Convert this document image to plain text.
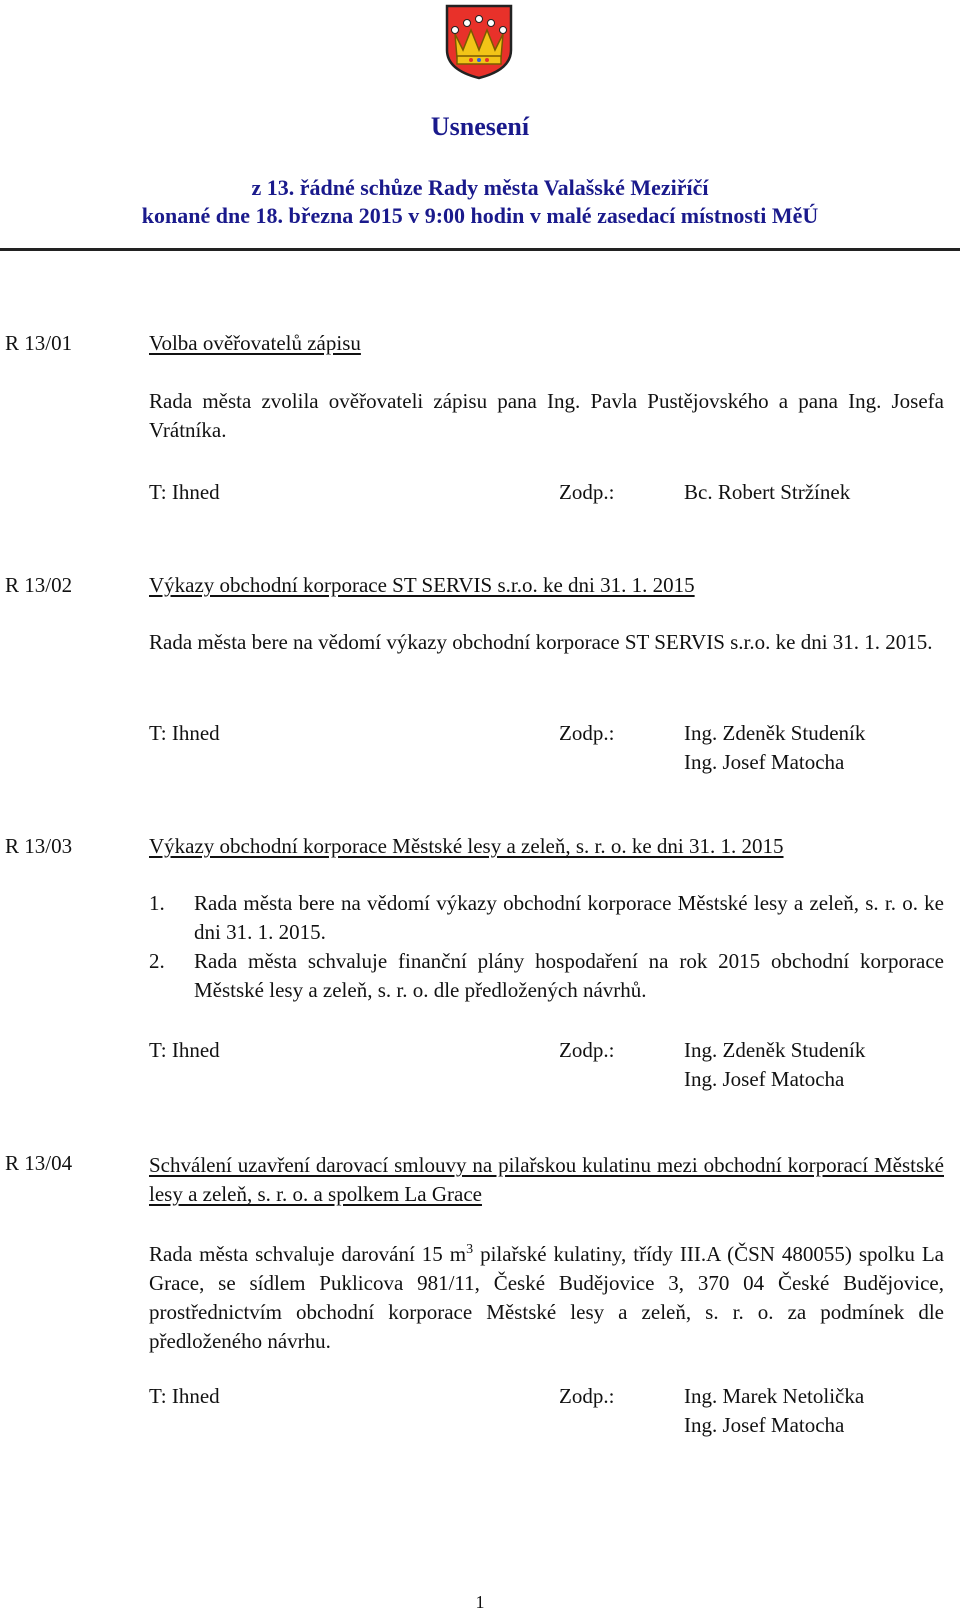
Usnesení
z 13. řádné schůze Rady města Valašské Meziříčí
konané dne 18. března 2015 v 9:00 hodin v malé zasedací místnosti MěÚ
R 13/01	Volba ověřovatelů zápisu
Rada města zvolila ověřovateli zápisu pana Ing. Pavla Pustějovského a pana Ing. Josefa Vrátníka.
T: Ihned	Zodp.:	Bc. Robert Stržínek
R 13/02	Výkazy obchodní korporace ST SERVIS s.r.o. ke dni 31. 1. 2015
Rada města bere na vědomí výkazy obchodní korporace ST SERVIS s.r.o. ke dni 31. 1. 2015.
T: Ihned	Zodp.:	Ing. Zdeněk Studeník
Ing. Josef Matocha
R 13/03	Výkazy obchodní korporace Městské lesy a zeleň, s. r. o. ke dni 31. 1. 2015
1.	Rada města bere na vědomí výkazy obchodní korporace Městské lesy a zeleň, s. r. o. ke dni 31. 1. 2015.
2.	Rada města schvaluje finanční plány hospodaření na rok 2015 obchodní korporace Městské lesy a zeleň, s. r. o. dle předložených návrhů.
T: Ihned	Zodp.:	Ing. Zdeněk Studeník
Ing. Josef Matocha
R 13/04	Schválení uzavření darovací smlouvy na pilařskou kulatinu mezi obchodní korporací Městské lesy a zeleň, s. r. o. a spolkem La Grace
Rada města schvaluje darování 15 $m^3$ pilařské kulatiny, třídy III.A (ČSN 480055) spolku La Grace, se sídlem Puklicova 981/11, České Budějovice 3, 370 04 České Budějovice, prostřednictvím obchodní korporace Městské lesy a zeleň, s. r. o. za podmínek dle předloženého návrhu.
T: Ihned	Zodp.:	Ing. Marek Netolička
Ing. Josef Matocha
1
